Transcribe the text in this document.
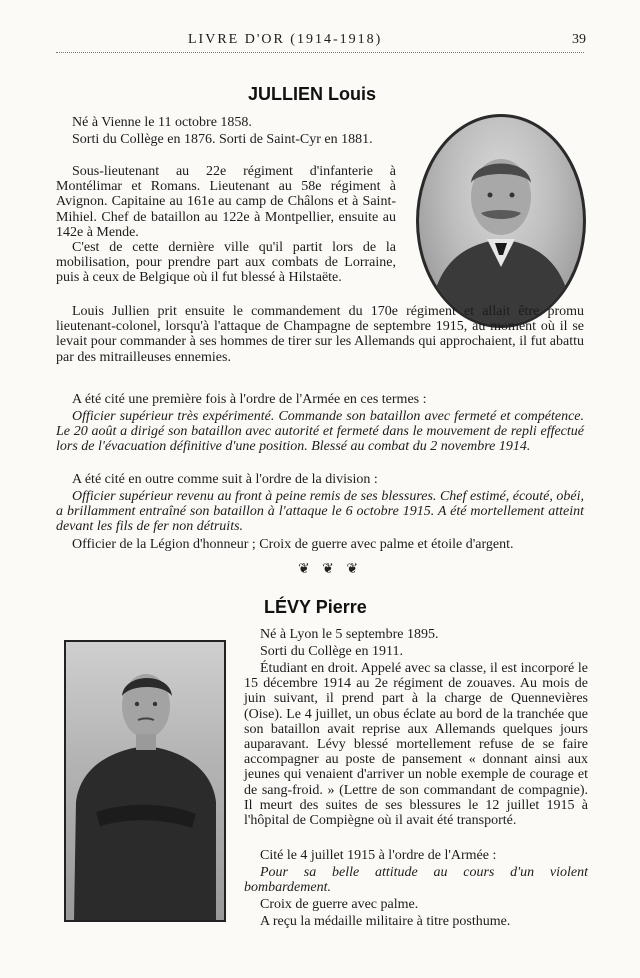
LIVRE D'OR (1914-1918)	39
JULLIEN Louis

Né à Vienne le 11 octobre 1858.

Sorti du Collège en 1876. Sorti de Saint-Cyr en 1881.

Sous-lieutenant au 22e régiment d'infanterie à Montélimar et Romans. Lieutenant au 58e régiment à Avignon. Capitaine au 161e au camp de Châlons et à Saint-Mihiel. Chef de bataillon au 122e à Montpellier, ensuite au 142e à Mende.

C'est de cette dernière ville qu'il partit lors de la mobilisation, pour prendre part aux combats de Lorraine, puis à ceux de Belgique où il fut blessé à Hilstaëte.

Louis Jullien prit ensuite le commandement du 170e régiment et allait être promu lieutenant-colonel, lorsqu'à l'attaque de Champagne de septembre 1915, au moment où il se levait pour commander à ses hommes de tirer sur les Allemands qui approchaient, il fut abattu par des mitrailleuses ennemies.

A été cité une première fois à l'ordre de l'Armée en ces termes :

Officier supérieur très expérimenté. Commande son bataillon avec fermeté et compétence. Le 20 août a dirigé son bataillon avec autorité et fermeté dans le mouvement de repli effectué lors de l'évacuation définitive d'une position. Blessé au combat du 2 novembre 1914.

A été cité en outre comme suit à l'ordre de la division :

Officier supérieur revenu au front à peine remis de ses blessures. Chef estimé, écouté, obéi, a brillamment entraîné son bataillon à l'attaque le 6 octobre 1915. A été mortellement atteint devant les fils de fer non détruits.

Officier de la Légion d'honneur ; Croix de guerre avec palme et étoile d'argent.

❦ ❦ ❦
LÉVY Pierre

Né à Lyon le 5 septembre 1895.

Sorti du Collège en 1911.

Étudiant en droit. Appelé avec sa classe, il est incorporé le 15 décembre 1914 au 2e régiment de zouaves. Au mois de juin suivant, il prend part à la charge de Quennevières (Oise). Le 4 juillet, un obus éclate au bord de la tranchée que son bataillon avait reprise aux Allemands quelques jours auparavant. Lévy blessé mortellement refuse de se faire accompagner au poste de pansement « donnant ainsi aux jeunes qui venaient d'arriver un noble exemple de courage et de sang-froid. » (Lettre de son commandant de compagnie). Il meurt des suites de ses blessures le 12 juillet 1915 à l'hôpital de Compiègne où il avait été transporté.

Cité le 4 juillet 1915 à l'ordre de l'Armée :

Pour sa belle attitude au cours d'un violent bombardement.

Croix de guerre avec palme.

A reçu la médaille militaire à titre posthume.
